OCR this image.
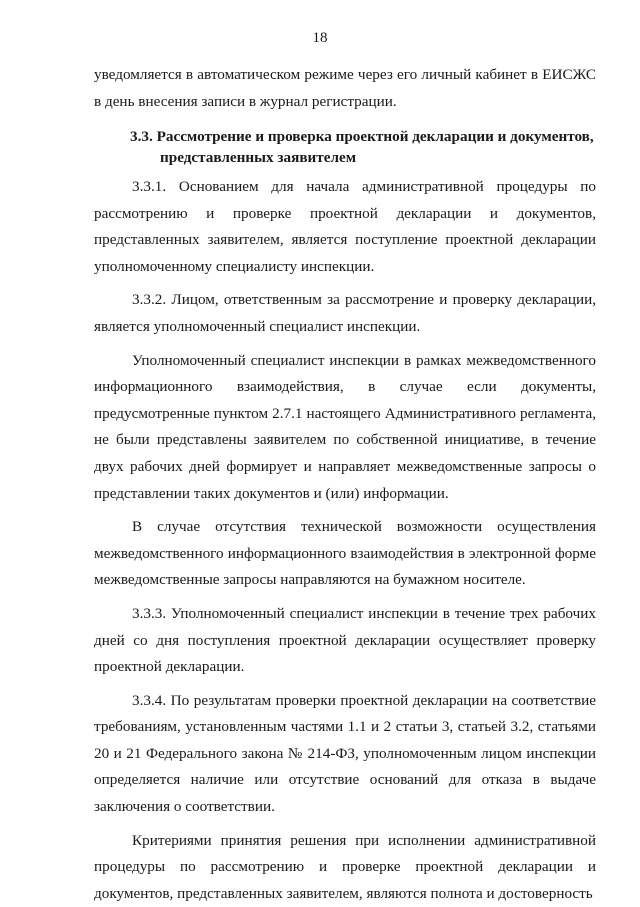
18

уведомляется в автоматическом режиме через его личный кабинет в ЕИСЖС в день внесения записи в журнал регистрации.

3.3. Рассмотрение и проверка проектной декларации и документов,
представленных заявителем

3.3.1. Основанием для начала административной процедуры по рассмотрению и проверке проектной декларации и документов, представленных заявителем, является поступление проектной декларации уполномоченному специалисту инспекции.

3.3.2. Лицом, ответственным за рассмотрение и проверку декларации, является уполномоченный специалист инспекции.

Уполномоченный специалист инспекции в рамках межведомственного информационного взаимодействия, в случае если документы, предусмотренные пунктом 2.7.1 настоящего Административного регламента, не были представлены заявителем по собственной инициативе, в течение двух рабочих дней формирует и направляет межведомственные запросы о представлении таких документов и (или) информации.

В случае отсутствия технической возможности осуществления межведомственного информационного взаимодействия в электронной форме межведомственные запросы направляются на бумажном носителе.

3.3.3. Уполномоченный специалист инспекции в течение трех рабочих дней со дня поступления проектной декларации осуществляет проверку проектной декларации.

3.3.4. По результатам проверки проектной декларации на соответствие требованиям, установленным частями 1.1 и 2 статьи 3, статьей 3.2, статьями 20 и 21 Федерального закона № 214-ФЗ, уполномоченным лицом инспекции определяется наличие или отсутствие оснований для отказа в выдаче заключения о соответствии.

Критериями принятия решения при исполнении административной процедуры по рассмотрению и проверке проектной декларации и документов, представленных заявителем, являются полнота и достоверность
